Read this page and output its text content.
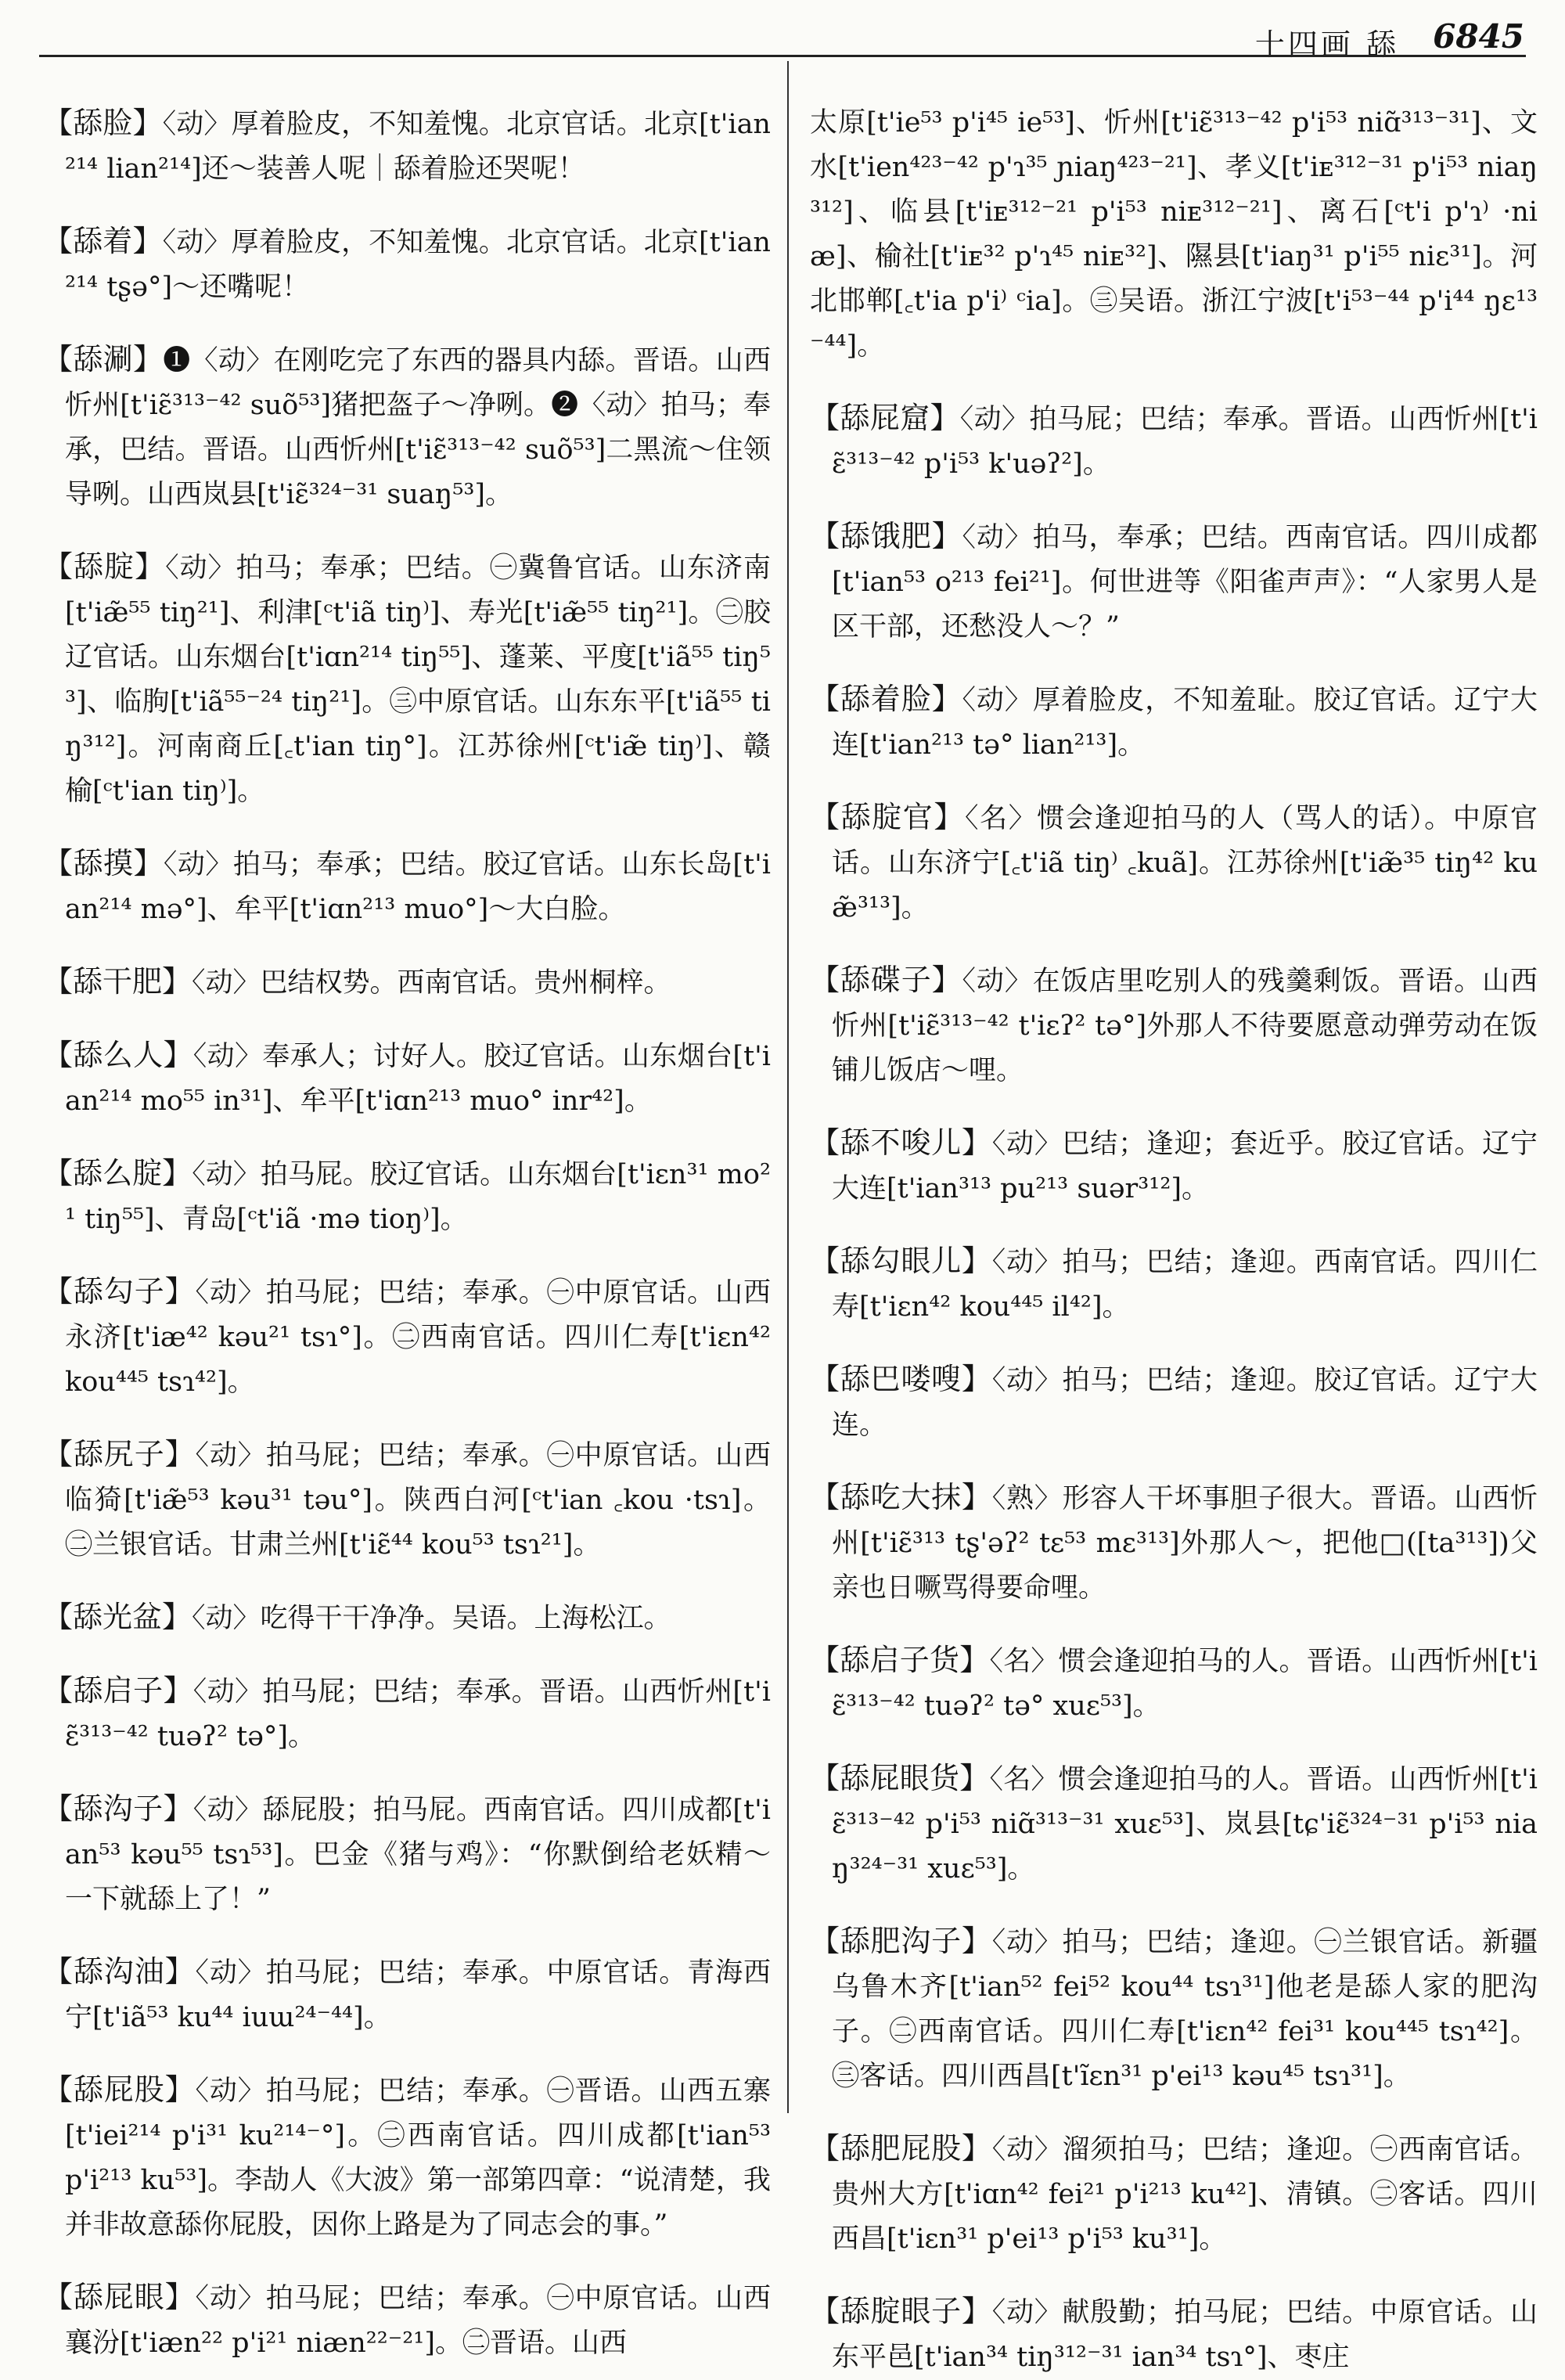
十四画 舔 6845

【 舔脸 】 〈动〉厚着脸皮，不知羞愧。北京官话。北京[t'ian²¹⁴ lian²¹⁴]还～装善人呢｜舔着脸还哭呢！

【 舔着 】 〈动〉厚着脸皮，不知羞愧。北京官话。北京[t'ian²¹⁴ tʂə°]～还嘴呢！

【 舔涮 】 ❶〈动〉在刚吃完了东西的器具内舔。晋语。山西忻州[t'iɛ̃³¹³⁻⁴² suõ⁵³]猪把盔子～净咧。❷〈动〉拍马；奉承，巴结。晋语。山西忻州[t'iɛ̃³¹³⁻⁴² suõ⁵³]二黑流～住领导咧。山西岚县[t'iɛ̃³²⁴⁻³¹ suaŋ⁵³]。

【 舔腚 】 〈动〉拍马；奉承；巴结。㊀冀鲁官话。山东济南[t'iæ̃⁵⁵ tiŋ²¹]、利津[ᶜt'iã tiŋ⁾]、寿光[t'iæ̃⁵⁵ tiŋ²¹]。㊁胶辽官话。山东烟台[t'iɑn²¹⁴ tiŋ⁵⁵]、蓬莱、平度[t'iã⁵⁵ tiŋ⁵³]、临朐[t'iã⁵⁵⁻²⁴ tiŋ²¹]。㊂中原官话。山东东平[t'iã⁵⁵ tiŋ³¹²]。河南商丘[꜀t'ian tiŋ°]。江苏徐州[ᶜt'iæ̃ tiŋ⁾]、赣榆[ᶜt'ian tiŋ⁾]。

【 舔摸 】 〈动〉拍马；奉承；巴结。胶辽官话。山东长岛[t'ian²¹⁴ mə°]、牟平[t'iɑn²¹³ muo°]～大白脸。

【 舔干肥 】 〈动〉巴结权势。西南官话。贵州桐梓。

【 舔么人 】 〈动〉奉承人；讨好人。胶辽官话。山东烟台[t'ian²¹⁴ mo⁵⁵ in³¹]、牟平[t'iɑn²¹³ muo° inr⁴²]。

【 舔么腚 】 〈动〉拍马屁。胶辽官话。山东烟台[t'iɛn³¹ mo²¹ tiŋ⁵⁵]、青岛[ᶜt'iã ·mə tioŋ⁾]。

【 舔勾子 】 〈动〉拍马屁；巴结；奉承。㊀中原官话。山西永济[t'iæ⁴² kəu²¹ tsɿ°]。㊁西南官话。四川仁寿[t'iɛn⁴² kou⁴⁴⁵ tsɿ⁴²]。

【 舔尻子 】 〈动〉拍马屁；巴结；奉承。㊀中原官话。山西临猗[t'iæ̃⁵³ kəu³¹ təu°]。陕西白河[ᶜt'ian ꜀kou ·tsɿ]。㊁兰银官话。甘肃兰州[t'iɛ̃⁴⁴ kou⁵³ tsɿ²¹]。

【 舔光盆 】 〈动〉吃得干干净净。吴语。上海松江。

【 舔启子 】 〈动〉拍马屁；巴结；奉承。晋语。山西忻州[t'iɛ̃³¹³⁻⁴² tuəʔ² tə°]。

【 舔沟子 】 〈动〉舔屁股；拍马屁。西南官话。四川成都[t'ian⁵³ kəu⁵⁵ tsɿ⁵³]。巴金《猪与鸡》：“你默倒给老妖精～一下就舔上了！”

【 舔沟油 】 〈动〉拍马屁；巴结；奉承。中原官话。青海西宁[t'iã⁵³ ku⁴⁴ iuɯ²⁴⁻⁴⁴]。

【 舔屁股 】 〈动〉拍马屁；巴结；奉承。㊀晋语。山西五寨[t'iei²¹⁴ p'i³¹ ku²¹⁴⁻°]。㊁西南官话。四川成都[t'ian⁵³ p'i²¹³ ku⁵³]。李劼人《大波》第一部第四章：“说清楚，我并非故意舔你屁股，因你上路是为了同志会的事。”

【 舔屁眼 】 〈动〉拍马屁；巴结；奉承。㊀中原官话。山西襄汾[t'iæn²² p'i²¹ niæn²²⁻²¹]。㊁晋语。山西

太原[t'ie⁵³ p'i⁴⁵ ie⁵³]、忻州[t'iɛ̃³¹³⁻⁴² p'i⁵³ niɑ̃³¹³⁻³¹]、文水[t'ien⁴²³⁻⁴² p'ɿ³⁵ ɲiaŋ⁴²³⁻²¹]、孝义[t'iᴇ³¹²⁻³¹ p'i⁵³ niaŋ³¹²]、临县[t'iᴇ³¹²⁻²¹ p'i⁵³ niᴇ³¹²⁻²¹]、离石[ᶜt'i p'ɿ⁾ ·niæ]、榆社[t'iᴇ³² p'ɿ⁴⁵ niᴇ³²]、隰县[t'iaŋ³¹ p'i⁵⁵ niɛ³¹]。河北邯郸[꜀t'ia p'i⁾ ᶜia]。㊂吴语。浙江宁波[t'i⁵³⁻⁴⁴ p'i⁴⁴ ŋɛ¹³⁻⁴⁴]。

【 舔屁窟 】 〈动〉拍马屁；巴结；奉承。晋语。山西忻州[t'iɛ̃³¹³⁻⁴² p'i⁵³ k'uəʔ²]。

【 舔饿肥 】 〈动〉拍马，奉承；巴结。西南官话。四川成都[t'ian⁵³ o²¹³ fei²¹]。何世进等《阳雀声声》：“人家男人是区干部，还愁没人～？”

【 舔着脸 】 〈动〉厚着脸皮，不知羞耻。胶辽官话。辽宁大连[t'ian²¹³ tə° lian²¹³]。

【 舔腚官 】 〈名〉惯会逢迎拍马的人（骂人的话）。中原官话。山东济宁[꜀t'iã tiŋ⁾ ꜀kuã]。江苏徐州[t'iæ̃³⁵ tiŋ⁴² kuæ̃³¹³]。

【 舔碟子 】 〈动〉在饭店里吃别人的残羹剩饭。晋语。山西忻州[t'iɛ̃³¹³⁻⁴² t'iɛʔ² tə°]外那人不待要愿意动弹劳动在饭铺儿饭店～哩。

【 舔不唆儿 】 〈动〉巴结；逢迎；套近乎。胶辽官话。辽宁大连[t'ian³¹³ pu²¹³ suər³¹²]。

【 舔勾眼儿 】 〈动〉拍马；巴结；逢迎。西南官话。四川仁寿[t'iɛn⁴² kou⁴⁴⁵ il⁴²]。

【 舔巴喽嗖 】 〈动〉拍马；巴结；逢迎。胶辽官话。辽宁大连。

【 舔吃大抹 】 〈熟〉形容人干坏事胆子很大。晋语。山西忻州[t'iɛ̃³¹³ tʂ'əʔ² tɛ⁵³ mɛ³¹³]外那人～，把他□([ta³¹³])父亲也日噘骂得要命哩。

【 舔启子货 】 〈名〉惯会逢迎拍马的人。晋语。山西忻州[t'iɛ̃³¹³⁻⁴² tuəʔ² tə° xuɛ⁵³]。

【 舔屁眼货 】 〈名〉惯会逢迎拍马的人。晋语。山西忻州[t'iɛ̃³¹³⁻⁴² p'i⁵³ niɑ̃³¹³⁻³¹ xuɛ⁵³]、岚县[tɕ'iɛ̃³²⁴⁻³¹ p'i⁵³ niaŋ³²⁴⁻³¹ xuɛ⁵³]。

【 舔肥沟子 】 〈动〉拍马；巴结；逢迎。㊀兰银官话。新疆乌鲁木齐[t'ian⁵² fei⁵² kou⁴⁴ tsɿ³¹]他老是舔人家的肥沟子。㊁西南官话。四川仁寿[t'iɛn⁴² fei³¹ kou⁴⁴⁵ tsɿ⁴²]。㊂客话。四川西昌[t'ĩɛn³¹ p'ei¹³ kəu⁴⁵ tsɿ³¹]。

【 舔肥屁股 】 〈动〉溜须拍马；巴结；逢迎。㊀西南官话。贵州大方[t'iɑn⁴² fei²¹ p'i²¹³ ku⁴²]、清镇。㊁客话。四川西昌[t'iɛn³¹ p'ei¹³ p'i⁵³ ku³¹]。

【 舔腚眼子 】 〈动〉献殷勤；拍马屁；巴结。中原官话。山东平邑[t'ian³⁴ tiŋ³¹²⁻³¹ ian³⁴ tsɿ°]、枣庄
